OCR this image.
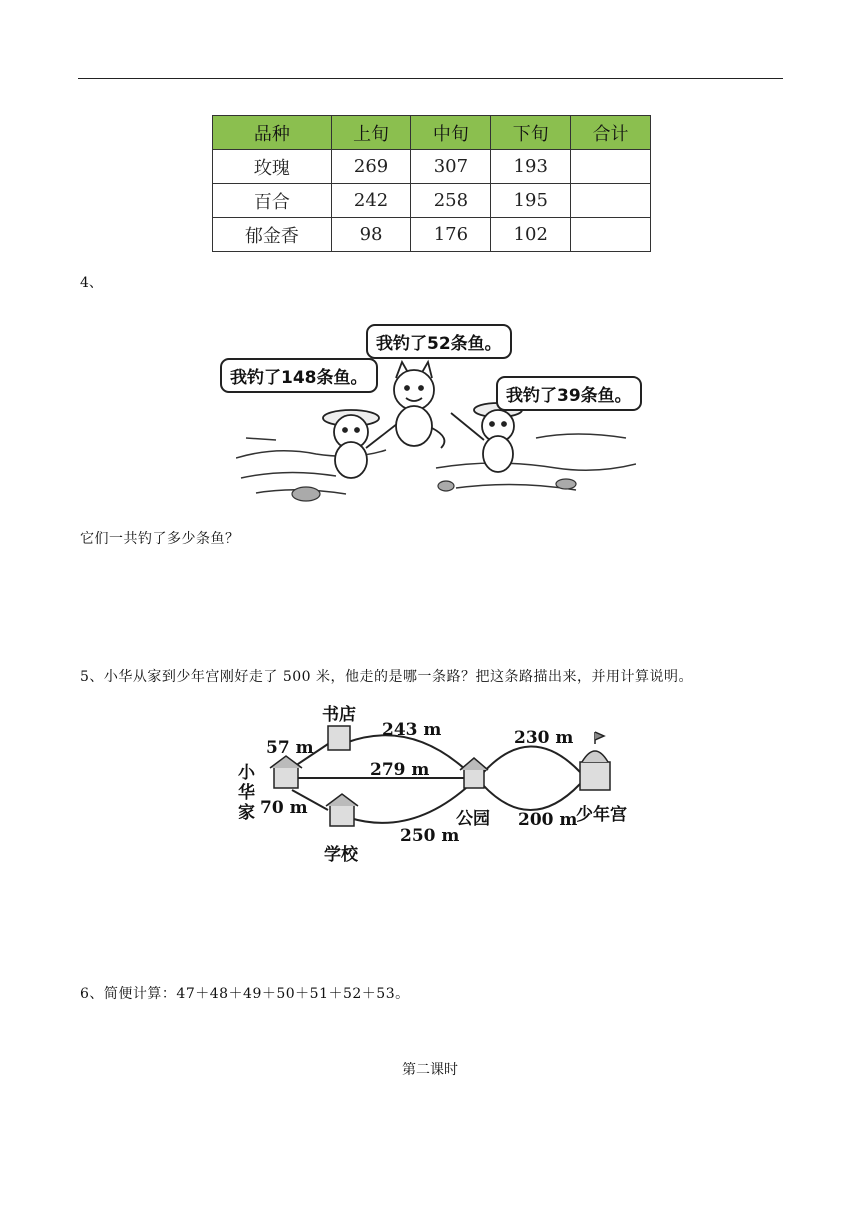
品种	上旬	中旬	下旬	合计
玫瑰	269	307	193	
百合	242	258	195	
郁金香	98	176	102	
4、
我钓了148条鱼。
我钓了52条鱼。
我钓了39条鱼。
它们一共钓了多少条鱼？
5、小华从家到少年宫刚好走了 500 米，他走的是哪一条路？把这条路描出来，并用计算说明。
书店
小
华
家
学校
公园	少年宫
57 m
70 m
243 m
279 m
250 m
230 m
200 m
6、简便计算：47＋48＋49＋50＋51＋52＋53。
第二课时
